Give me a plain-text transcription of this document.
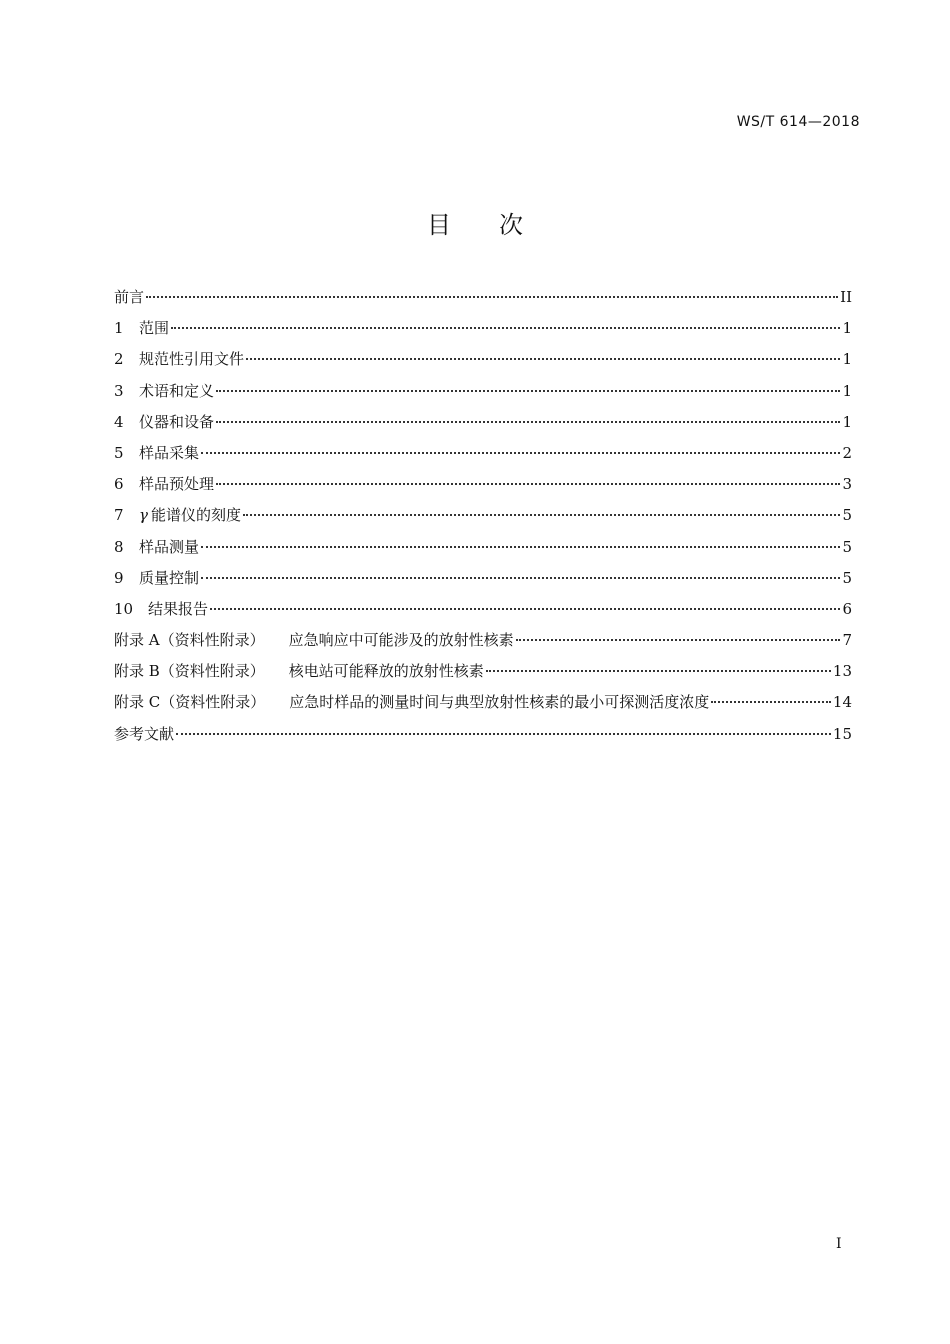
WS/T 614—2018
目次
前言	II
1	范围	1
2	规范性引用文件	1
3	术语和定义	1
4	仪器和设备	1
5	样品采集	2
6	样品预处理	3
7	γ 能谱仪的刻度	5
8	样品测量	5
9	质量控制	5
10 结果报告	6
附录 A（资料性附录） 应急响应中可能涉及的放射性核素	7
附录 B（资料性附录） 核电站可能释放的放射性核素	13
附录 C（资料性附录） 应急时样品的测量时间与典型放射性核素的最小可探测活度浓度	14
参考文献	15
I
